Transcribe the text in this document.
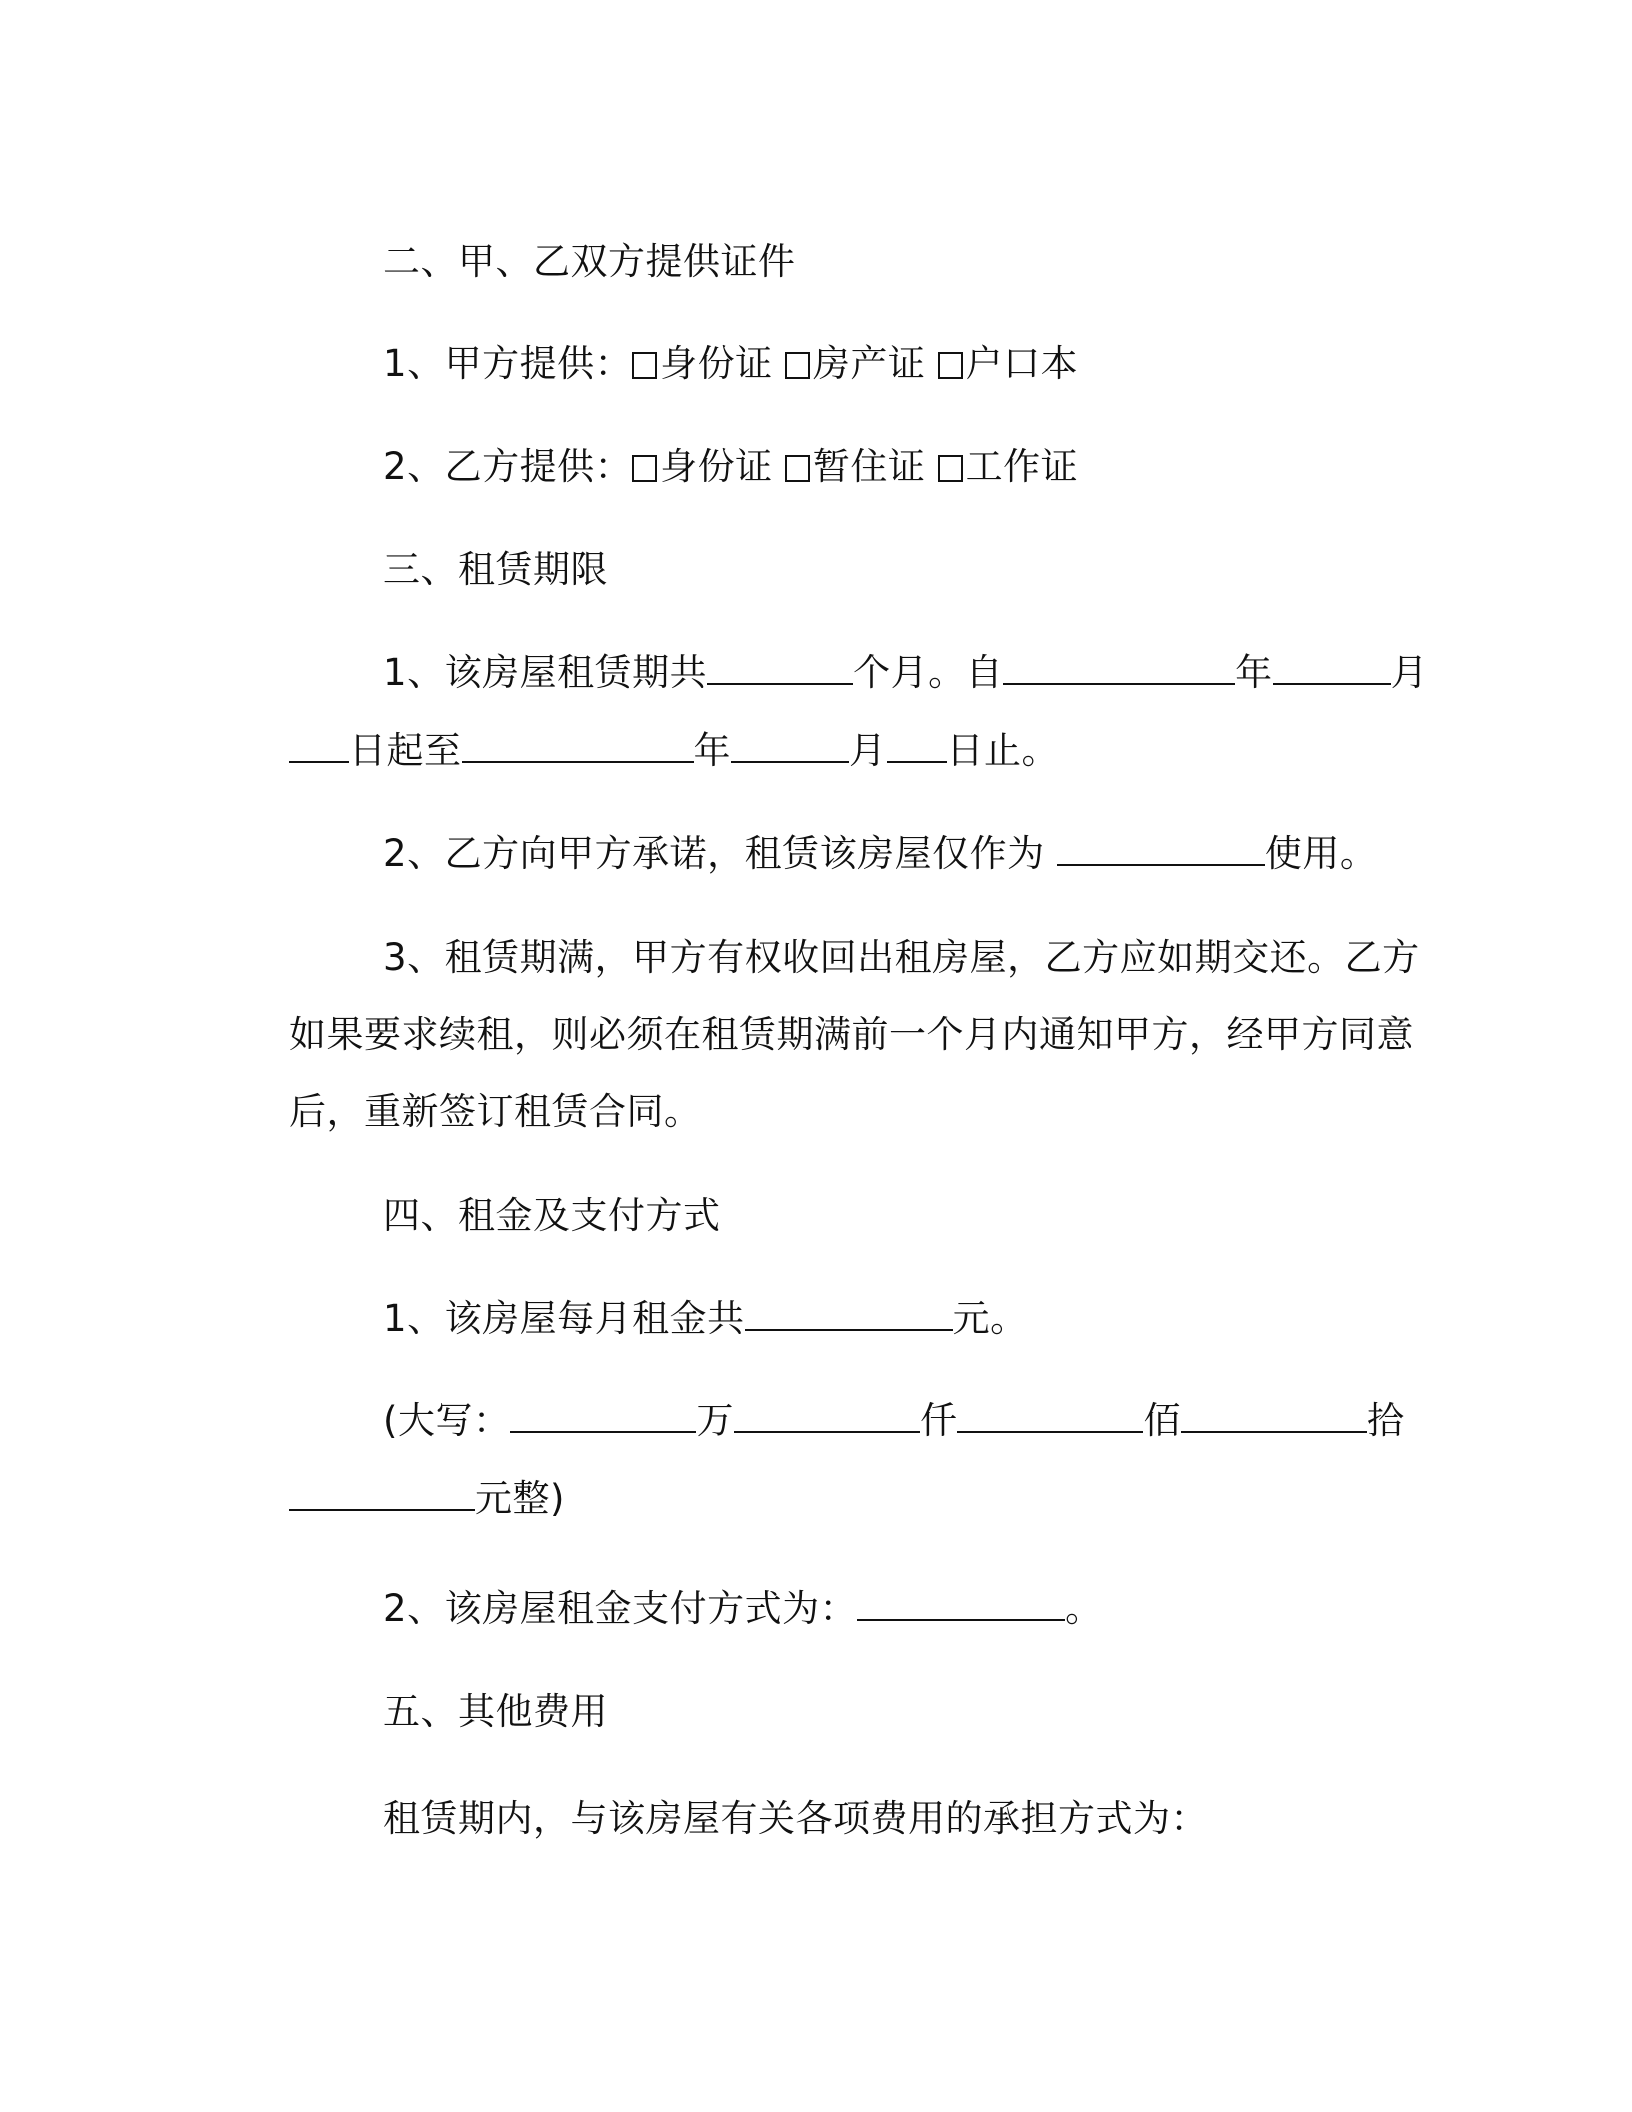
二、甲、乙双方提供证件

1、甲方提供： 身份证 房产证 户口本

2、乙方提供： 身份证 暂住证 工作证

三、租赁期限

1、该房屋租赁期共	个月。自	年	月

日起至	年	月 日止。

2、乙方向甲方承诺，租赁该房屋仅作为	使用。

3、租赁期满，甲方有权收回出租房屋，乙方应如期交还。乙方

如果要求续租，则必须在租赁期满前一个月内通知甲方，经甲方同意

后，重新签订租赁合同。

四、租金及支付方式

1、该房屋每月租金共	元。

(大写：	万	仟	佰	拾

元整)

2、该房屋租金支付方式为：	。

五、其他费用

租赁期内，与该房屋有关各项费用的承担方式为：
